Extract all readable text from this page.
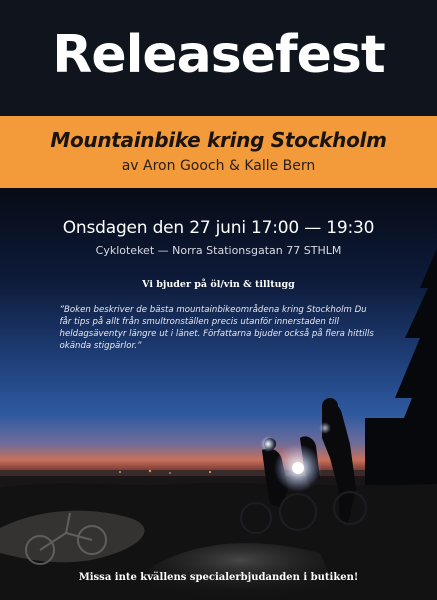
Releasefest
Mountainbike kring Stockholm
av Aron Gooch & Kalle Bern
Onsdagen den 27 juni 17:00 — 19:30
Cykloteket — Norra Stationsgatan 77 STHLM
Vi bjuder på öl/vin & tilltugg
”Boken beskriver de bästa mountainbikeområdena kring Stockholm Du får tips på allt från smultronställen precis utanför innerstaden till heldagsäventyr längre ut i länet. Författarna bjuder också på flera hittills okända stigpärlor.”
Missa inte kvällens specialerbjudanden i butiken!
